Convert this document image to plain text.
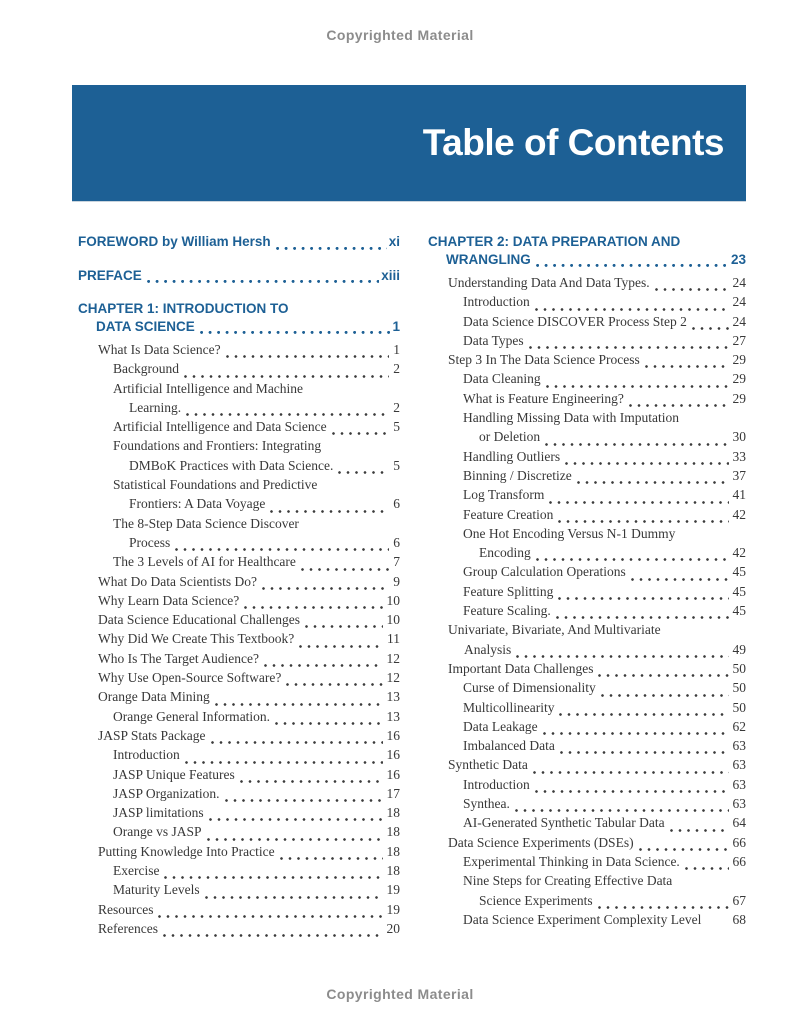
Copyrighted Material
Table of Contents
FOREWORD by William Hersh	xi
PREFACE	xiii
CHAPTER 1: INTRODUCTION TO
DATA SCIENCE	1
What Is Data Science?	1
Background	2
Artificial Intelligence and Machine
Learning.	2
Artificial Intelligence and Data Science	5
Foundations and Frontiers: Integrating
DMBoK Practices with Data Science.	5
Statistical Foundations and Predictive
Frontiers: A Data Voyage	6
The 8-Step Data Science Discover
Process	6
The 3 Levels of AI for Healthcare	7
What Do Data Scientists Do?	9
Why Learn Data Science?	10
Data Science Educational Challenges	10
Why Did We Create This Textbook?	11
Who Is The Target Audience?	12
Why Use Open-Source Software?	12
Orange Data Mining	13
Orange General Information.	13
JASP Stats Package	16
Introduction	16
JASP Unique Features	16
JASP Organization.	17
JASP limitations	18
Orange vs JASP	18
Putting Knowledge Into Practice	18
Exercise	18
Maturity Levels	19
Resources	19
References	20
CHAPTER 2: DATA PREPARATION AND
WRANGLING	23
Understanding Data And Data Types.	24
Introduction	24
Data Science DISCOVER Process Step 2	24
Data Types	27
Step 3 In The Data Science Process	29
Data Cleaning	29
What is Feature Engineering?	29
Handling Missing Data with Imputation
or Deletion	30
Handling Outliers	33
Binning / Discretize	37
Log Transform	41
Feature Creation	42
One Hot Encoding Versus N-1 Dummy
Encoding	42
Group Calculation Operations	45
Feature Splitting	45
Feature Scaling.	45
Univariate, Bivariate, And Multivariate
Analysis	49
Important Data Challenges	50
Curse of Dimensionality	50
Multicollinearity	50
Data Leakage	62
Imbalanced Data	63
Synthetic Data	63
Introduction	63
Synthea.	63
AI-Generated Synthetic Tabular Data	64
Data Science Experiments (DSEs)	66
Experimental Thinking in Data Science.	66
Nine Steps for Creating Effective Data
Science Experiments	67
Data Science Experiment Complexity Level 68
Copyrighted Material
